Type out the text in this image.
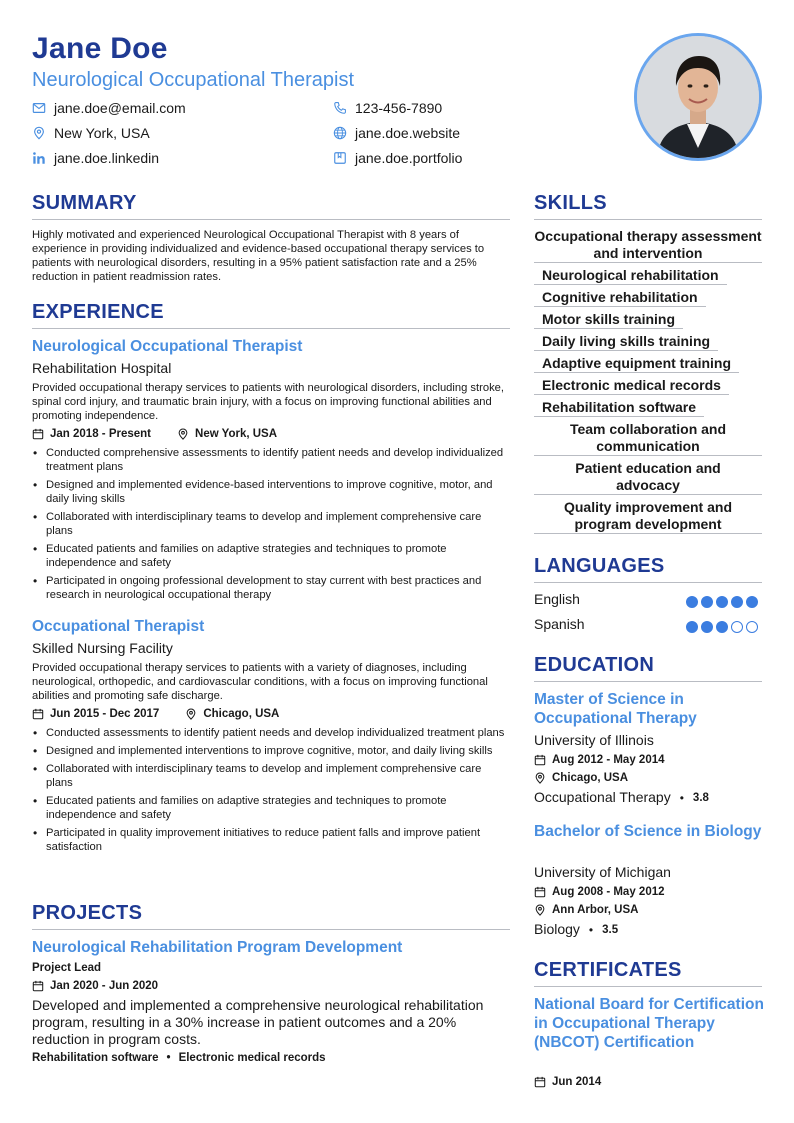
Jane Doe
Neurological Occupational Therapist
jane.doe@email.com	123-456-7890
New York, USA	jane.doe.website
jane.doe.linkedin	jane.doe.portfolio
SUMMARY
Highly motivated and experienced Neurological Occupational Therapist with 8 years of experience in providing individualized and evidence-based occupational therapy services to patients with neurological disorders, resulting in a 95% patient satisfaction rate and a 25% reduction in patient readmission rates.
EXPERIENCE
Neurological Occupational Therapist
Rehabilitation Hospital
Provided occupational therapy services to patients with neurological disorders, including stroke, spinal cord injury, and traumatic brain injury, with a focus on improving functional abilities and promoting independence.
Jan 2018 - Present	New York, USA
• Conducted comprehensive assessments to identify patient needs and develop individualized treatment plans
• Designed and implemented evidence-based interventions to improve cognitive, motor, and daily living skills
• Collaborated with interdisciplinary teams to develop and implement comprehensive care plans
• Educated patients and families on adaptive strategies and techniques to promote independence and safety
• Participated in ongoing professional development to stay current with best practices and research in neurological occupational therapy
Occupational Therapist
Skilled Nursing Facility
Provided occupational therapy services to patients with a variety of diagnoses, including neurological, orthopedic, and cardiovascular conditions, with a focus on improving functional abilities and promoting safe discharge.
Jun 2015 - Dec 2017	Chicago, USA
• Conducted assessments to identify patient needs and develop individualized treatment plans
• Designed and implemented interventions to improve cognitive, motor, and daily living skills
• Collaborated with interdisciplinary teams to develop and implement comprehensive care plans
• Educated patients and families on adaptive strategies and techniques to promote independence and safety
• Participated in quality improvement initiatives to reduce patient falls and improve patient satisfaction
PROJECTS
Neurological Rehabilitation Program Development
Project Lead
Jan 2020 - Jun 2020
Developed and implemented a comprehensive neurological rehabilitation program, resulting in a 30% increase in patient outcomes and a 20% reduction in program costs.
Rehabilitation software • Electronic medical records
SKILLS
Occupational therapy assessment and intervention
Neurological rehabilitation
Cognitive rehabilitation
Motor skills training
Daily living skills training
Adaptive equipment training
Electronic medical records
Rehabilitation software
Team collaboration and communication
Patient education and advocacy
Quality improvement and program development
LANGUAGES
English
Spanish
EDUCATION
Master of Science in Occupational Therapy
University of Illinois
Aug 2012 - May 2014
Chicago, USA
Occupational Therapy • 3.8
Bachelor of Science in Biology
University of Michigan
Aug 2008 - May 2012
Ann Arbor, USA
Biology • 3.5
CERTIFICATES
National Board for Certification in Occupational Therapy (NBCOT) Certification
Jun 2014
